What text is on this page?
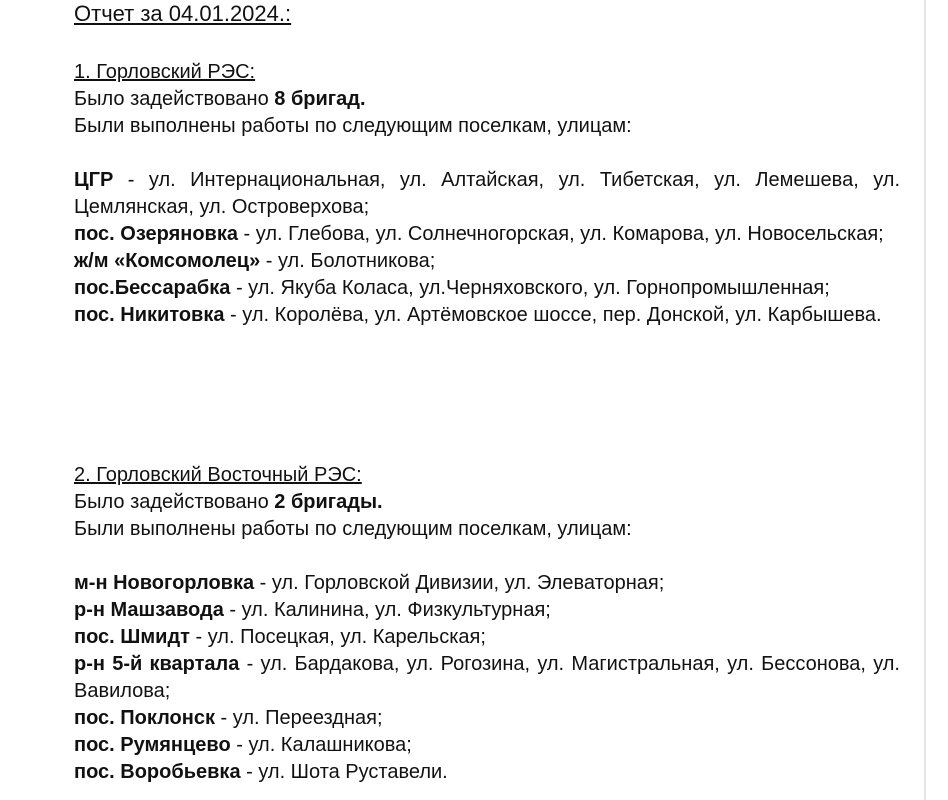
Отчет за 04.01.2024.:
1. Горловский РЭС:
Было задействовано 8 бригад.
Были выполнены работы по следующим поселкам, улицам:
ЦГР - ул. Интернациональная, ул. Алтайская, ул. Тибетская, ул. Лемешева, ул. Цемлянская, ул. Островерхова;
пос. Озеряновка - ул. Глебова, ул. Солнечногорская, ул. Комарова, ул. Новосельская;
ж/м «Комсомолец» - ул. Болотникова;
пос.Бессарабка - ул. Якуба Коласа, ул.Черняховского, ул. Горнопромышленная;
пос. Никитовка - ул. Королёва, ул. Артёмовское шоссе, пер. Донской, ул. Карбышева.
2. Горловский Восточный РЭС:
Было задействовано 2 бригады.
Были выполнены работы по следующим поселкам, улицам:
м-н Новогорловка - ул. Горловской Дивизии, ул. Элеваторная;
р-н Машзавода - ул. Калинина, ул. Физкультурная;
пос. Шмидт - ул. Посецкая, ул. Карельская;
р-н 5-й квартала - ул. Бардакова, ул. Рогозина, ул. Магистральная, ул. Бессонова, ул. Вавилова;
пос. Поклонск - ул. Переездная;
пос. Румянцево - ул. Калашникова;
пос. Воробьевка - ул. Шота Руставели.
